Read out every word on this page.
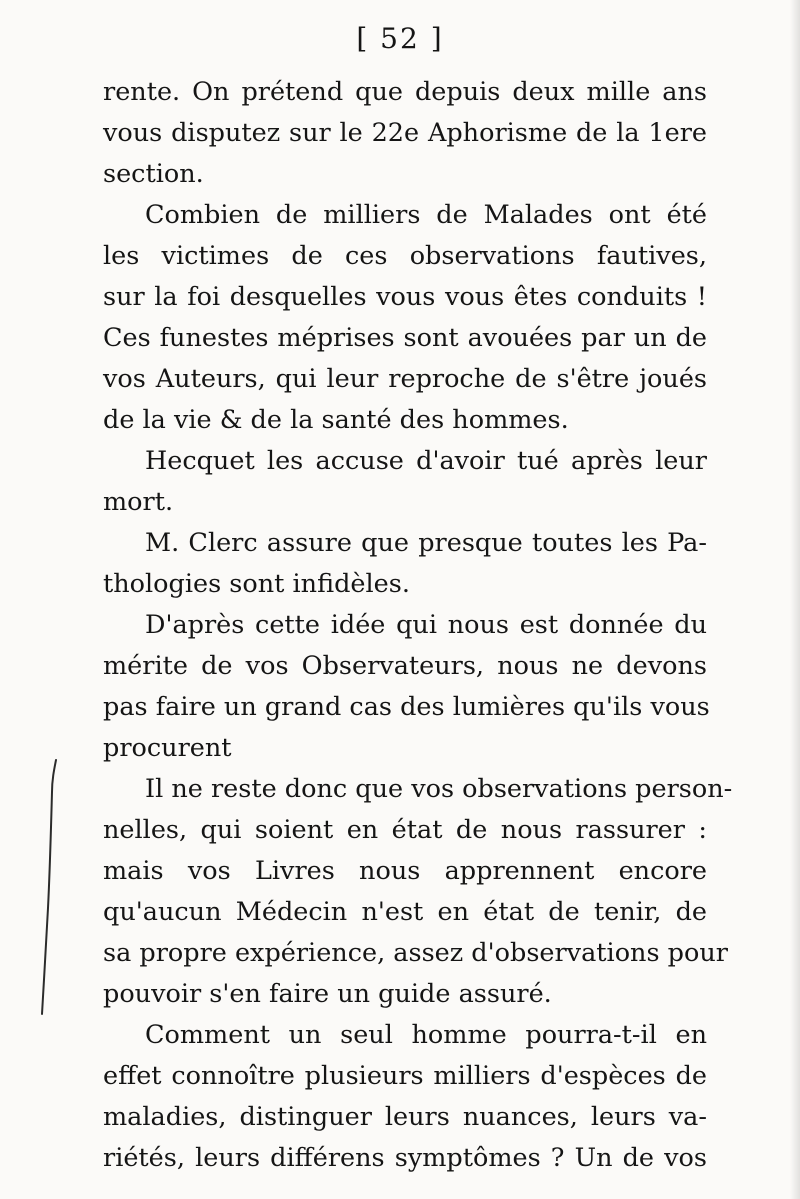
[ 52 ]

rente. On prétend que depuis deux mille ans
vous disputez sur le 22e Aphorisme de la 1ere
section.

Combien de milliers de Malades ont été
les victimes de ces observations fautives,
sur la foi desquelles vous vous êtes conduits !
Ces funestes méprises sont avouées par un de
vos Auteurs, qui leur reproche de s'être joués
de la vie & de la santé des hommes.

Hecquet les accuse d'avoir tué après leur
mort.

M. Clerc assure que presque toutes les Pa-
thologies sont infidèles.

D'après cette idée qui nous est donnée du
mérite de vos Observateurs, nous ne devons
pas faire un grand cas des lumières qu'ils vous
procurent

Il ne reste donc que vos observations person-
nelles, qui soient en état de nous rassurer :
mais vos Livres nous apprennent encore
qu'aucun Médecin n'est en état de tenir, de
sa propre expérience, assez d'observations pour
pouvoir s'en faire un guide assuré.

Comment un seul homme pourra-t-il en
effet connoître plusieurs milliers d'espèces de
maladies, distinguer leurs nuances, leurs va-
riétés, leurs différens symptômes ? Un de vos
